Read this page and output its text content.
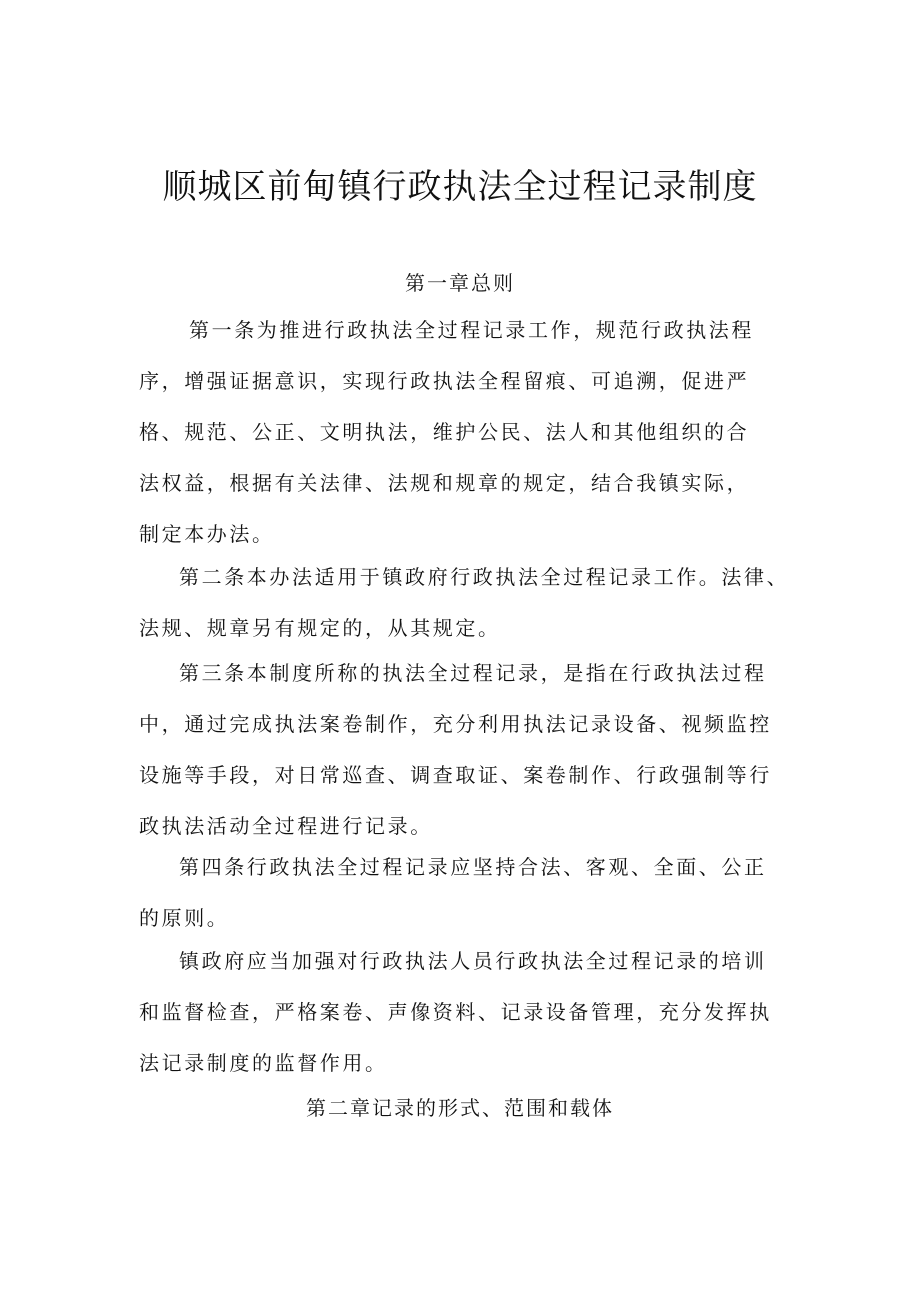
顺城区前甸镇行政执法全过程记录制度
第一章总则
第一条为推进行政执法全过程记录工作，规范行政执法程
序，增强证据意识，实现行政执法全程留痕、可追溯，促进严
格、规范、公正、文明执法，维护公民、法人和其他组织的合
法权益，根据有关法律、法规和规章的规定，结合我镇实际，
制定本办法。
第二条本办法适用于镇政府行政执法全过程记录工作。法律、
法规、规章另有规定的，从其规定。
第三条本制度所称的执法全过程记录，是指在行政执法过程
中，通过完成执法案卷制作，充分利用执法记录设备、视频监控
设施等手段，对日常巡查、调查取证、案卷制作、行政强制等行
政执法活动全过程进行记录。
第四条行政执法全过程记录应坚持合法、客观、全面、公正
的原则。
镇政府应当加强对行政执法人员行政执法全过程记录的培训
和监督检查，严格案卷、声像资料、记录设备管理，充分发挥执
法记录制度的监督作用。
第二章记录的形式、范围和载体
